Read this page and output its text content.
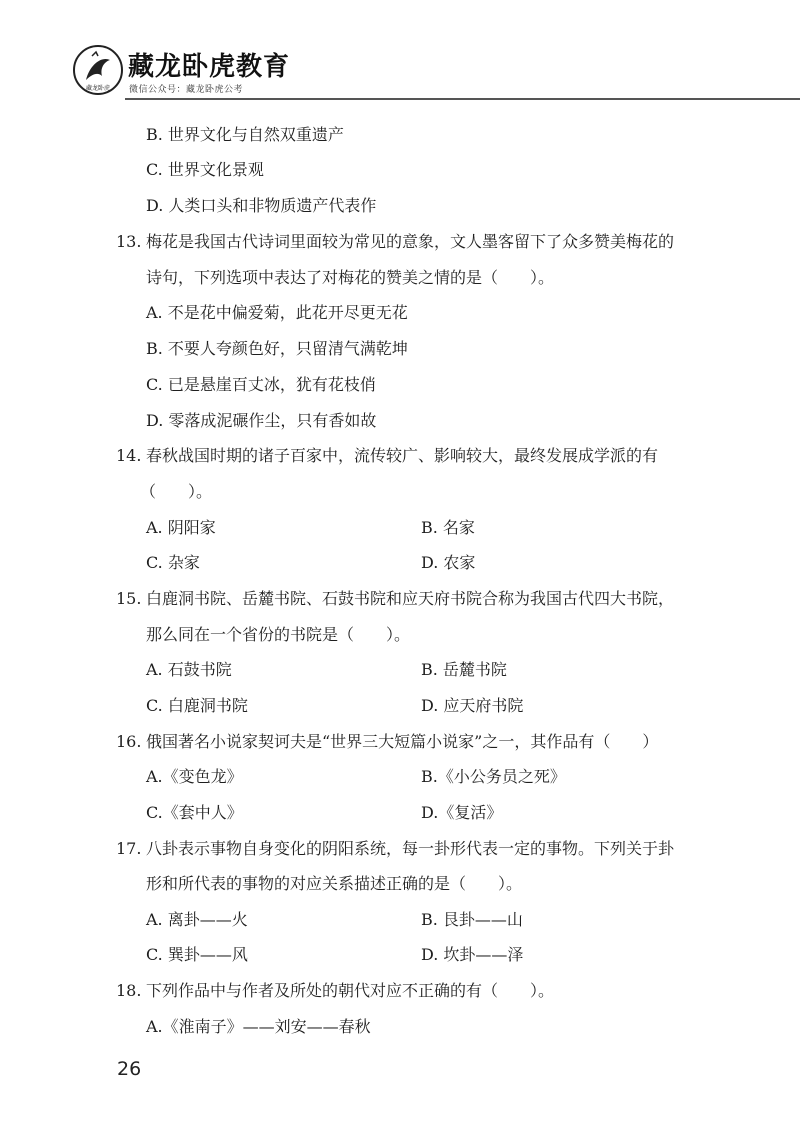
藏龙卧虎
藏龙卧虎教育
微信公众号：藏龙卧虎公考
B. 世界文化与自然双重遗产
C. 世界文化景观
D. 人类口头和非物质遗产代表作
13. 梅花是我国古代诗词里面较为常见的意象，文人墨客留下了众多赞美梅花的
诗句，下列选项中表达了对梅花的赞美之情的是（　　）。
A. 不是花中偏爱菊，此花开尽更无花
B. 不要人夸颜色好，只留清气满乾坤
C. 已是悬崖百丈冰，犹有花枝俏
D. 零落成泥碾作尘，只有香如故
14. 春秋战国时期的诸子百家中，流传较广、影响较大，最终发展成学派的有
（　　）。
A. 阴阳家	B. 名家
C. 杂家	D. 农家
15. 白鹿洞书院、岳麓书院、石鼓书院和应天府书院合称为我国古代四大书院，
那么同在一个省份的书院是（　　）。
A. 石鼓书院	B. 岳麓书院
C. 白鹿洞书院	D. 应天府书院
16. 俄国著名小说家契诃夫是“世界三大短篇小说家”之一，其作品有（　　）
A.《变色龙》	B.《小公务员之死》
C.《套中人》	D.《复活》
17. 八卦表示事物自身变化的阴阳系统，每一卦形代表一定的事物。下列关于卦
形和所代表的事物的对应关系描述正确的是（　　）。
A. 离卦——火	B. 艮卦——山
C. 巽卦——风	D. 坎卦——泽
18. 下列作品中与作者及所处的朝代对应不正确的有（　　）。
A.《淮南子》——刘安——春秋
26
